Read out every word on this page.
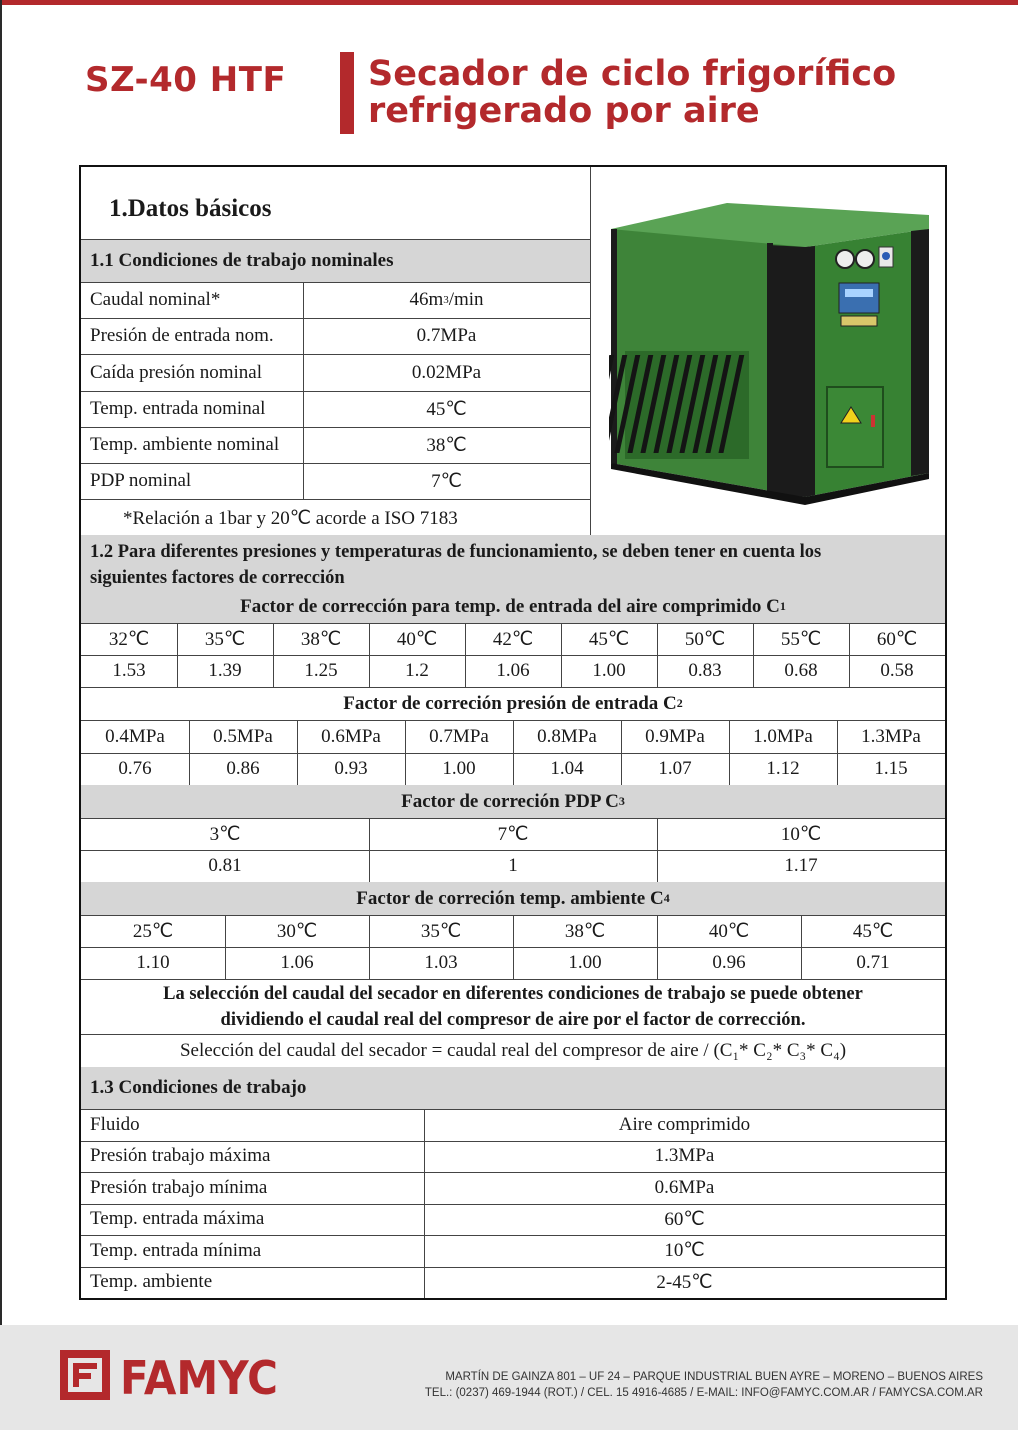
SZ-40 HTF Secador de ciclo frigorífico
refrigerado por aire
1.Datos básicos
1.1 Condiciones de trabajo nominales
Caudal nominal*	46m 3 /min
Presión de entrada nom.	0.7MPa
Caída presión nominal	0.02MPa
Temp. entrada nominal	45℃
Temp. ambiente nominal	38℃
PDP nominal	7℃
*Relación a 1bar y 20℃ acorde a ISO 7183
1.2 Para diferentes presiones y temperaturas de funcionamiento, se deben tener en cuenta los
siguientes factores de corrección
Factor de corrección para temp. de entrada del aire comprimido C 1
Factor de correción presión de entrada C 2
Factor de correción PDP C 3
Factor de correción temp. ambiente C 4
La selección del caudal del secador en diferentes condiciones de trabajo se puede obtener
dividiendo el caudal real del compresor de aire por el factor de corrección.
Selección del caudal del secador = caudal real del compresor de aire / (C₁* C₂* C₃* C₄)
1.3 Condiciones de trabajo
32℃	35℃	38℃	40℃	42℃	45℃	50℃	55℃	60℃
1.53	1.39	1.25	1.2	1.06	1.00	0.83	0.68	0.58
0.4MPa	0.5MPa	0.6MPa	0.7MPa	0.8MPa	0.9MPa	1.0MPa	1.3MPa
0.76	0.86	0.93	1.00	1.04	1.07	1.12	1.15
3℃	7℃	10℃
0.81	1	1.17
25℃	30℃	35℃	38℃	40℃	45℃
1.10	1.06	1.03	1.00	0.96	0.71
Fluido	Aire comprimido
Presión trabajo máxima	1.3MPa
Presión trabajo mínima	0.6MPa
Temp. entrada máxima	60℃
Temp. entrada mínima	10℃
Temp. ambiente	2-45℃
FAMYC	MARTÍN DE GAINZA 801 – UF 24 – PARQUE INDUSTRIAL BUEN AYRE – MORENO – BUENOS AIRES
TEL.: (0237) 469-1944 (ROT.) / CEL. 15 4916-4685 / E-MAIL: INFO@FAMYC.COM.AR / FAMYCSA.COM.AR
